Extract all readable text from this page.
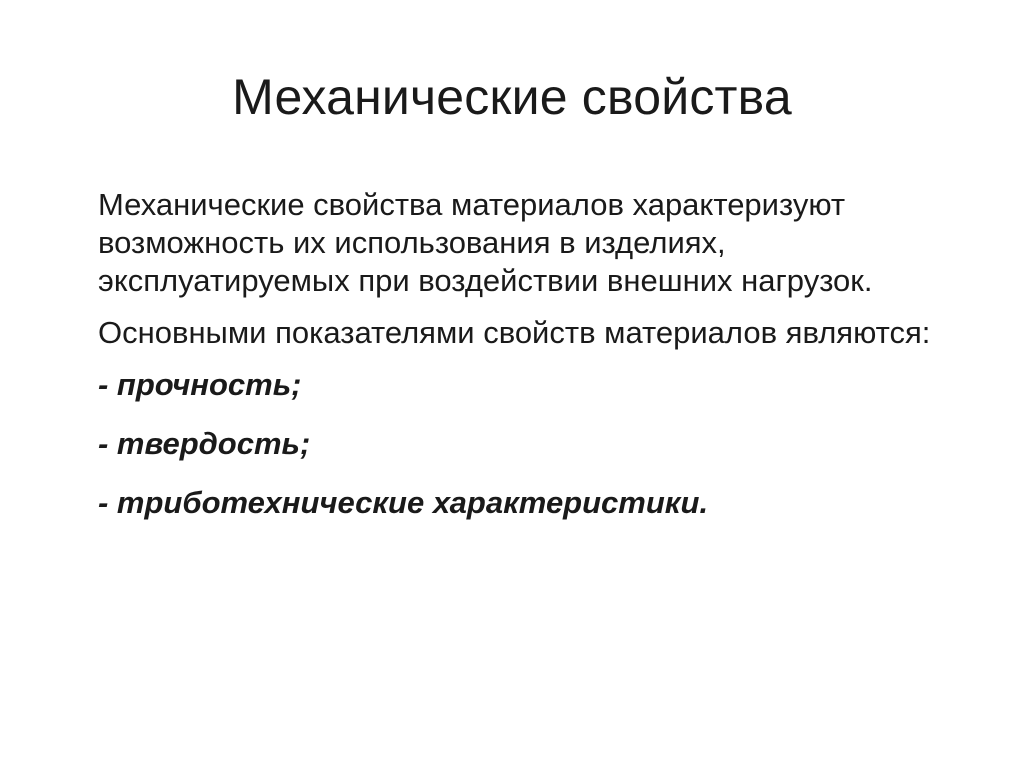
Механические свойства

Механические свойства материалов характеризуют возможность их использования в изделиях, эксплуатируемых при воздействии внешних нагрузок.

Основными показателями свойств материалов являются:

- прочность;

- твердость;

- триботехнические характеристики.
